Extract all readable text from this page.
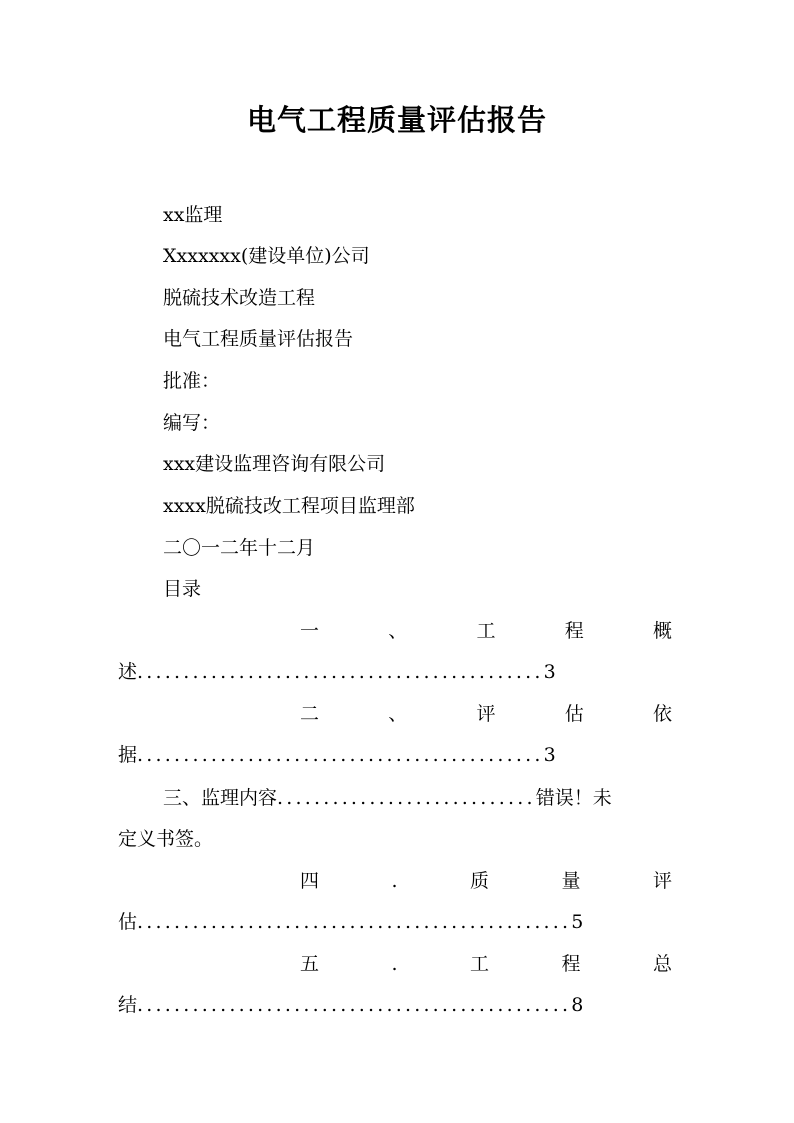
电气工程质量评估报告
xx监理
Xxxxxxx(建设单位)公司
脱硫技术改造工程
电气工程质量评估报告
批准：
编写：
xxx建设监理咨询有限公司
xxxx脱硫技改工程项目监理部
二〇一二年十二月
目录
一	、	工	程	概
述............................................3
二	、	评	估	依
据............................................3
三、监理内容............................错误！未
定义书签。
四	.	质	量	评
估...............................................5
五	.	工	程	总
结...............................................8
